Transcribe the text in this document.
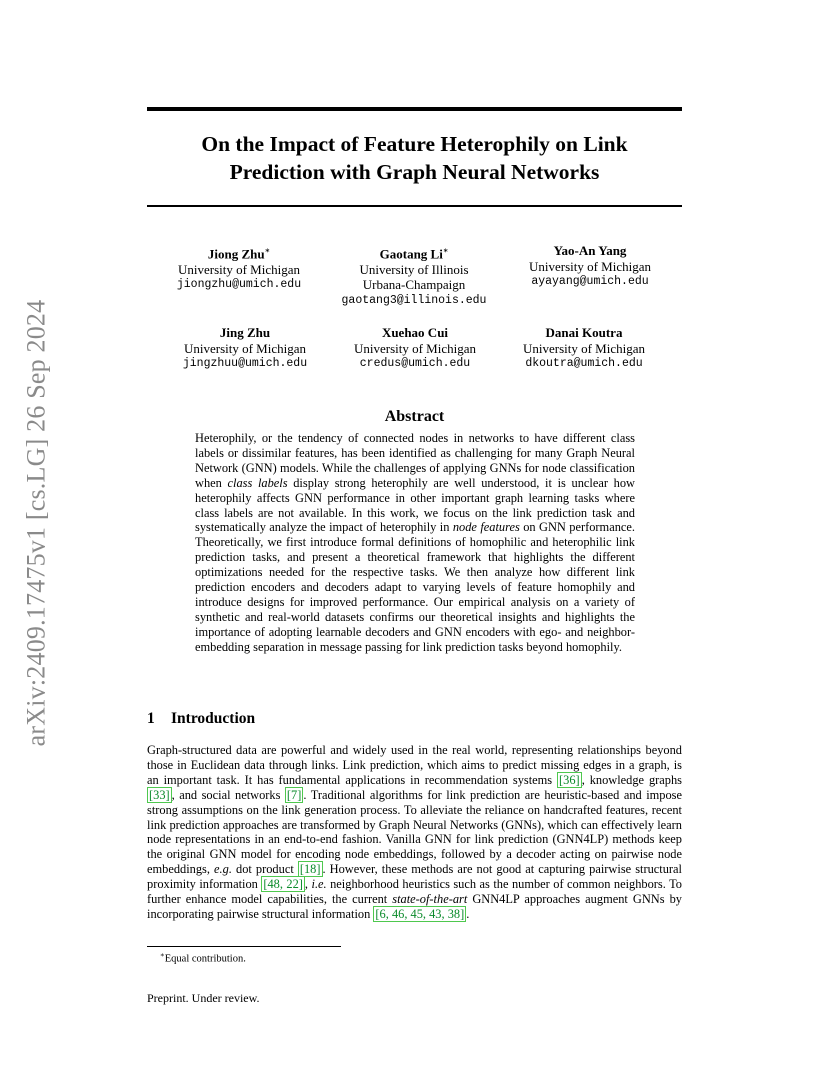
arXiv:2409.17475v1 [cs.LG] 26 Sep 2024
On the Impact of Feature Heterophily on Link
Prediction with Graph Neural Networks
Jiong Zhu∗
University of Michigan
jiongzhu@umich.edu
Gaotang Li∗
University of Illinois
Urbana-Champaign
gaotang3@illinois.edu
Yao-An Yang
University of Michigan
ayayang@umich.edu
Jing Zhu
University of Michigan
jingzhuu@umich.edu
Xuehao Cui
University of Michigan
credus@umich.edu
Danai Koutra
University of Michigan
dkoutra@umich.edu
Abstract
Heterophily, or the tendency of connected nodes in networks to have different class labels or dissimilar features, has been identified as challenging for many Graph Neural Network (GNN) models. While the challenges of applying GNNs for node classification when class labels display strong heterophily are well understood, it is unclear how heterophily affects GNN performance in other important graph learning tasks where class labels are not available. In this work, we focus on the link prediction task and systematically analyze the impact of heterophily in node features on GNN performance. Theoretically, we first introduce formal definitions of homophilic and heterophilic link prediction tasks, and present a theoretical framework that highlights the different optimizations needed for the respective tasks. We then analyze how different link prediction encoders and decoders adapt to varying levels of feature homophily and introduce designs for improved performance. Our empirical analysis on a variety of synthetic and real-world datasets confirms our theoretical insights and highlights the importance of adopting learnable decoders and GNN encoders with ego- and neighbor-embedding separation in message passing for link prediction tasks beyond homophily.
1 Introduction
Graph-structured data are powerful and widely used in the real world, representing relationships beyond those in Euclidean data through links. Link prediction, which aims to predict missing edges in a graph, is an important task. It has fundamental applications in recommendation systems [36] , knowledge graphs [33] , and social networks [7] . Traditional algorithms for link prediction are heuristic-based and impose strong assumptions on the link generation process. To alleviate the reliance on handcrafted features, recent link prediction approaches are transformed by Graph Neural Networks (GNNs), which can effectively learn node representations in an end-to-end fashion. Vanilla GNN for link prediction (GNN4LP) methods keep the original GNN model for encoding node embeddings, followed by a decoder acting on pairwise node embeddings, e.g. dot product [18] . However, these methods are not good at capturing pairwise structural proximity information [48, 22] , i.e. neighborhood heuristics such as the number of common neighbors. To further enhance model capabilities, the current state-of-the-art GNN4LP approaches augment GNNs by incorporating pairwise structural information [6, 46, 45, 43, 38] .
∗Equal contribution.
Preprint. Under review.
